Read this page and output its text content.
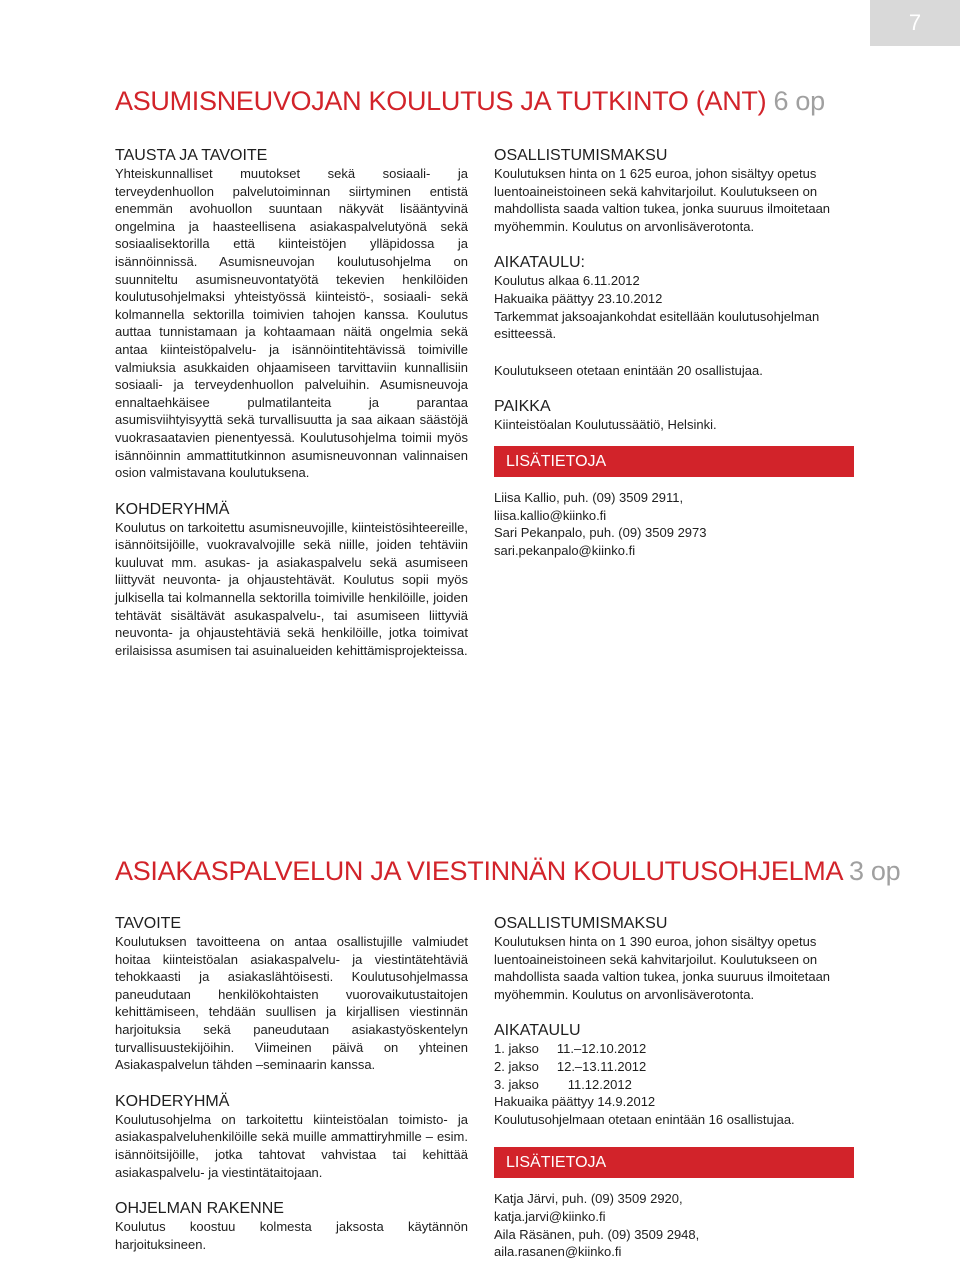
7
ASUMISNEUVOJAN KOULUTUS JA TUTKINTO (ANT) 6 op
TAUSTA JA TAVOITE

Yhteiskunnalliset muutokset sekä sosiaali- ja terveydenhuollon palvelutoiminnan siirtyminen entistä enemmän avohuollon suuntaan näkyvät lisääntyvinä ongelmina ja haasteellisena asiakaspalvelutyönä sekä sosiaalisektorilla että kiinteistöjen ylläpidossa ja isännöinnissä. Asumisneuvojan koulutusohjelma on suunniteltu asumisneuvontatyötä tekevien henkilöiden koulutusohjelmaksi yhteistyössä kiinteistö-, sosiaali- sekä kolmannella sektorilla toimivien tahojen kanssa. Koulutus auttaa tunnistamaan ja kohtaamaan näitä ongelmia sekä antaa kiinteistöpalvelu- ja isännöintitehtävissä toimiville valmiuksia asukkaiden ohjaamiseen tarvittaviin kunnallisiin sosiaali- ja terveydenhuollon palveluihin. Asumisneuvoja ennaltaehkäisee pulmatilanteita ja parantaa asumisviihtyisyyttä sekä turvallisuutta ja saa aikaan säästöjä vuokrasaatavien pienentyessä. Koulutusohjelma toimii myös isännöinnin ammattitutkinnon asumisneuvonnan valinnaisen osion valmistavana koulutuksena.

KOHDERYHMÄ

Koulutus on tarkoitettu asumisneuvojille, kiinteistösihteereille, isännöitsijöille, vuokravalvojille sekä niille, joiden tehtäviin kuuluvat mm. asukas- ja asiakaspalvelu sekä asumiseen liittyvät neuvonta- ja ohjaustehtävät. Koulutus sopii myös julkisella tai kolmannella sektorilla toimiville henkilöille, joiden tehtävät sisältävät asukaspalvelu-, tai asumiseen liittyviä neuvonta- ja ohjaustehtäviä sekä henkilöille, jotka toimivat erilaisissa asumisen tai asuinalueiden kehittämisprojekteissa.

OSALLISTUMISMAKSU

Koulutuksen hinta on 1 625 euroa, johon sisältyy opetus luentoaineistoineen sekä kahvitarjoilut. Koulutukseen on mahdollista saada valtion tukea, jonka suuruus ilmoitetaan myöhemmin. Koulutus on arvonlisäverotonta.

AIKATAULU:
Koulutus alkaa 6.11.2012
Hakuaika päättyy 23.10.2012

Tarkemmat jaksoajankohdat esitellään koulutusohjelman esitteessä.

Koulutukseen otetaan enintään 20 osallistujaa.
PAIKKA
Kiinteistöalan Koulutussäätiö, Helsinki.
LISÄTIETOJA
Liisa Kallio, puh. (09) 3509 2911,
liisa.kallio@kiinko.fi
Sari Pekanpalo, puh. (09) 3509 2973
sari.pekanpalo@kiinko.fi
ASIAKASPALVELUN JA VIESTINNÄN KOULUTUSOHJELMA 3 op
TAVOITE

Koulutuksen tavoitteena on antaa osallistujille valmiudet hoitaa kiinteistöalan asiakaspalvelu- ja viestintätehtäviä tehokkaasti ja asiakaslähtöisesti. Koulutusohjelmassa paneudutaan henkilökohtaisten vuorovaikutustaitojen kehittämiseen, tehdään suullisen ja kirjallisen viestinnän harjoituksia sekä paneudutaan asiakastyöskentelyn turvallisuustekijöihin. Viimeinen päivä on yhteinen Asiakaspalvelun tähden –seminaarin kanssa.

KOHDERYHMÄ

Koulutusohjelma on tarkoitettu kiinteistöalan toimisto- ja asiakaspalveluhenkilöille sekä muille ammattiryhmille – esim. isännöitsijöille, jotka tahtovat vahvistaa tai kehittää asiakaspalvelu- ja viestintätaitojaan.

OHJELMAN RAKENNE

Koulutus koostuu kolmesta jaksosta käytännön harjoituksineen.

OSALLISTUMISMAKSU

Koulutuksen hinta on 1 390 euroa, johon sisältyy opetus luentoaineistoineen sekä kahvitarjoilut. Koulutukseen on mahdollista saada valtion tukea, jonka suuruus ilmoitetaan myöhemmin. Koulutus on arvonlisäverotonta.

AIKATAULU
1. jakso     11.–12.10.2012
2. jakso     12.–13.11.2012
3. jakso        11.12.2012
Hakuaika päättyy 14.9.2012
Koulutusohjelmaan otetaan enintään 16 osallistujaa.
LISÄTIETOJA
Katja Järvi, puh. (09) 3509 2920,
katja.jarvi@kiinko.fi
Aila Räsänen, puh. (09) 3509 2948,
aila.rasanen@kiinko.fi
